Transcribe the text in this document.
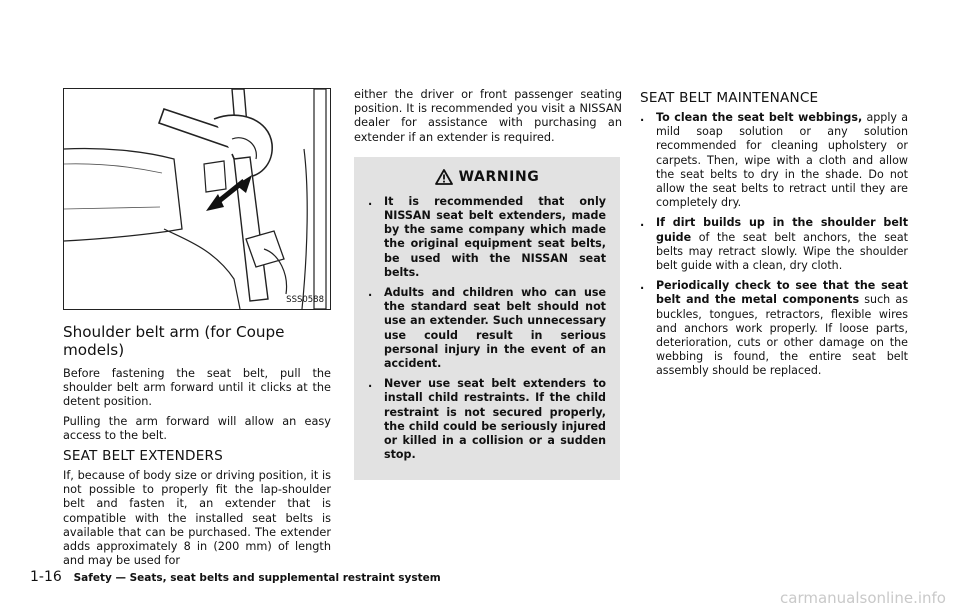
SSS0588
Shoulder belt arm (for Coupe models)

Before fastening the seat belt, pull the shoulder belt arm forward until it clicks at the detent position.

Pulling the arm forward will allow an easy access to the belt.

SEAT BELT EXTENDERS

If, because of body size or driving position, it is not possible to properly fit the lap-shoulder belt and fasten it, an extender that is compatible with the installed seat belts is available that can be purchased. The extender adds approximately 8 in (200 mm) of length and may be used for

either the driver or front passenger seating position. It is recommended you visit a NISSAN dealer for assistance with purchasing an extender if an extender is required.

WARNING
. It is recommended that only NISSAN seat belt extenders, made by the same company which made the original equipment seat belts, be used with the NISSAN seat belts.
. Adults and children who can use the standard seat belt should not use an extender. Such unnecessary use could result in serious personal injury in the event of an accident.
. Never use seat belt extenders to install child restraints. If the child restraint is not secured properly, the child could be seriously injured or killed in a collision or a sudden stop.
SEAT BELT MAINTENANCE
. To clean the seat belt webbings, apply a mild soap solution or any solution recommended for cleaning upholstery or carpets. Then, wipe with a cloth and allow the seat belts to dry in the shade. Do not allow the seat belts to retract until they are completely dry.
. If dirt builds up in the shoulder belt guide of the seat belt anchors, the seat belts may retract slowly. Wipe the shoulder belt guide with a clean, dry cloth.
. Periodically check to see that the seat belt and the metal components such as buckles, tongues, retractors, flexible wires and anchors work properly. If loose parts, deterioration, cuts or other damage on the webbing is found, the entire seat belt assembly should be replaced.
1-16 Safety — Seats, seat belts and supplemental restraint system
carmanualsonline.info
